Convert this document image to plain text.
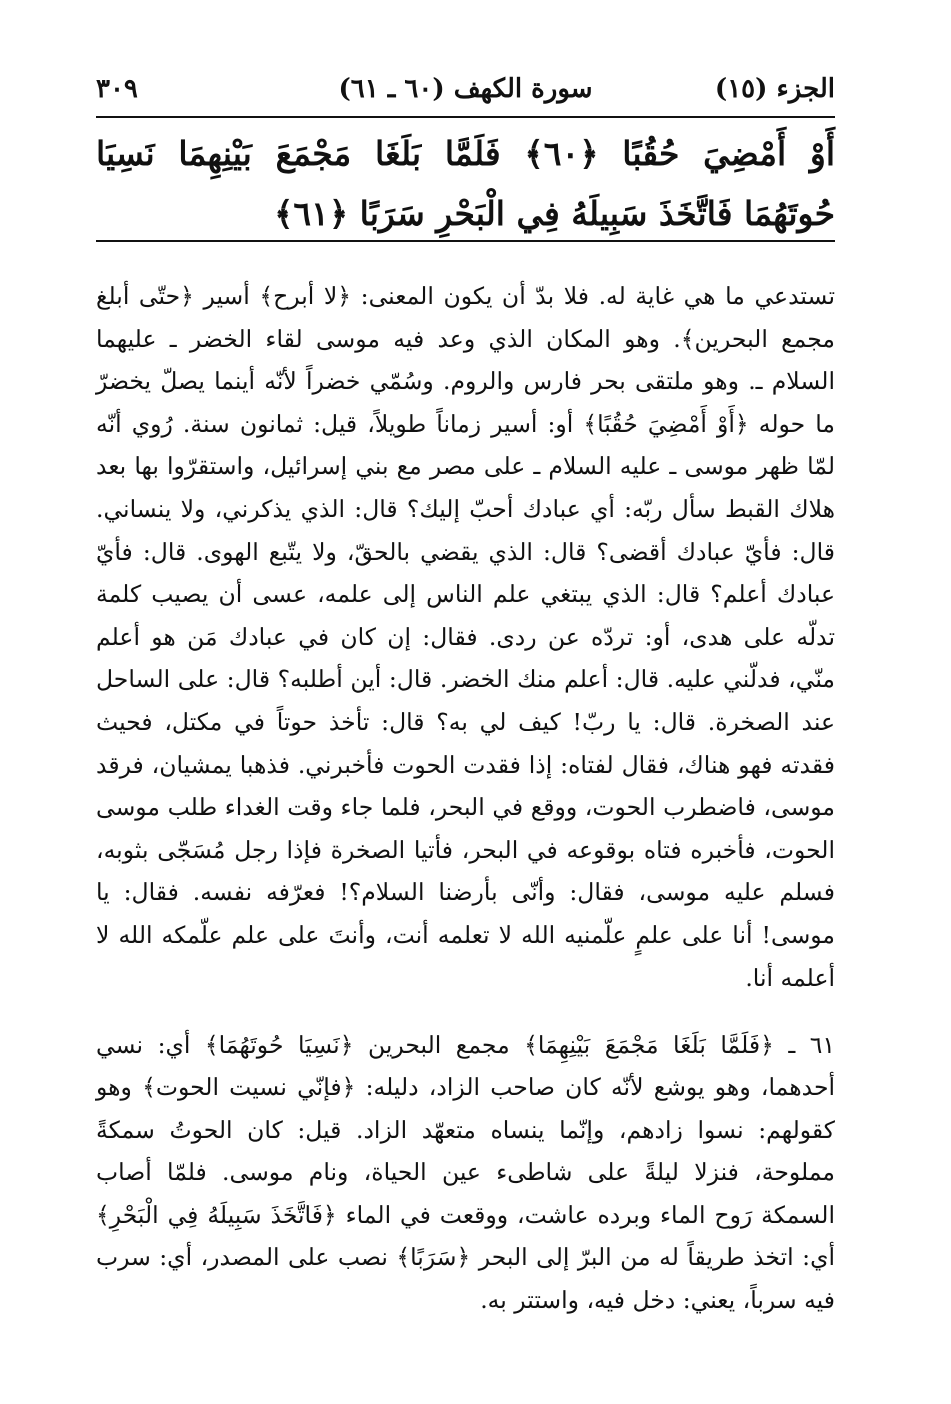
الجزء (١٥)
سورة الكهف (٦٠ ـ ٦١)
٣٠٩
أَوْ أَمْضِيَ حُقُبًا ﴿٦٠﴾ فَلَمَّا بَلَغَا مَجْمَعَ بَيْنِهِمَا نَسِيَا حُوتَهُمَا فَاتَّخَذَ سَبِيلَهُ فِي الْبَحْرِ سَرَبًا ﴿٦١﴾

تستدعي ما هي غاية له. فلا بدّ أن يكون المعنى: ﴿لا أبرح﴾ أسير ﴿حتّى أبلغ مجمع البحرين﴾. وهو المكان الذي وعد فيه موسى لقاء الخضر ـ عليهما السلام ـ. وهو ملتقى بحر فارس والروم. وسُمّي خضراً لأنّه أينما يصلّ يخضرّ ما حوله ﴿أَوْ أَمْضِيَ حُقُبًا﴾ أو: أسير زماناً طويلاً، قيل: ثمانون سنة. رُوي أنّه لمّا ظهر موسى ـ عليه السلام ـ على مصر مع بني إسرائيل، واستقرّوا بها بعد هلاك القبط سأل ربّه: أي عبادك أحبّ إليك؟ قال: الذي يذكرني، ولا ينساني. قال: فأيّ عبادك أقضى؟ قال: الذي يقضي بالحقّ، ولا يتّبع الهوى. قال: فأيّ عبادك أعلم؟ قال: الذي يبتغي علم الناس إلى علمه، عسى أن يصيب كلمة تدلّه على هدى، أو: تردّه عن ردى. فقال: إن كان في عبادك مَن هو أعلم منّي، فدلّني عليه. قال: أعلم منك الخضر. قال: أين أطلبه؟ قال: على الساحل عند الصخرة. قال: يا ربّ! كيف لي به؟ قال: تأخذ حوتاً في مكتل، فحيث فقدته فهو هناك، فقال لفتاه: إذا فقدت الحوت فأخبرني. فذهبا يمشيان، فرقد موسى، فاضطرب الحوت، ووقع في البحر، فلما جاء وقت الغداء طلب موسى الحوت، فأخبره فتاه بوقوعه في البحر، فأتيا الصخرة فإذا رجل مُسَجّى بثوبه، فسلم عليه موسى، فقال: وأنّى بأرضنا السلام؟! فعرّفه نفسه. فقال: يا موسى! أنا على علمٍ علّمنيه الله لا تعلمه أنت، وأنتَ على علم علّمكه الله لا أعلمه أنا.

٦١ ـ ﴿فَلَمَّا بَلَغَا مَجْمَعَ بَيْنِهِمَا﴾ مجمع البحرين ﴿نَسِيَا حُوتَهُمَا﴾ أي: نسي أحدهما، وهو يوشع لأنّه كان صاحب الزاد، دليله: ﴿فإنّي نسيت الحوت﴾ وهو كقولهم: نسوا زادهم، وإنّما ينساه متعهّد الزاد. قيل: كان الحوتُ سمكةً مملوحة، فنزلا ليلةً على شاطىء عين الحياة، ونام موسى. فلمّا أصاب السمكة رَوح الماء وبرده عاشت، ووقعت في الماء ﴿فَاتَّخَذَ سَبِيلَهُ فِي الْبَحْرِ﴾ أي: اتخذ طريقاً له من البرّ إلى البحر ﴿سَرَبًا﴾ نصب على المصدر، أي: سرب فيه سرباً، يعني: دخل فيه، واستتر به.
